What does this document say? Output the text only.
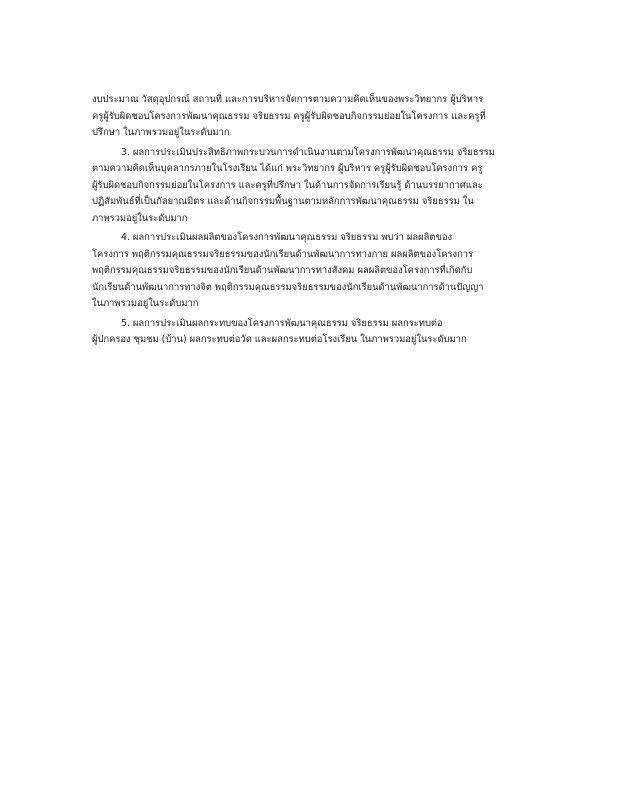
งบประมาณ วัสดุอุปกรณ์ สถานที่ และการบริหารจัดการตามความคิดเห็นของพระวิทยากร ผู้บริหาร
ครูผู้รับผิดชอบโครงการพัฒนาคุณธรรม จริยธรรม ครูผู้รับผิดชอบกิจกรรมย่อยในโครงการ และครูที่
ปรึกษา ในภาพรวมอยู่ในระดับมาก
3. ผลการประเมินประสิทธิภาพกระบวนการดำเนินงานตามโครงการพัฒนาคุณธรรม จริยธรรม
ตามความคิดเห็นบุคลากรภายในโรงเรียน ได้แก่ พระวิทยากร ผู้บริหาร ครูผู้รับผิดชอบโครงการ ครู
ผู้รับผิดชอบกิจกรรมย่อยในโครงการ และครูที่ปรึกษา ในด้านการจัดการเรียนรู้ ด้านบรรยากาศและ
ปฏิสัมพันธ์ที่เป็นกัลยาณมิตร และด้านกิจกรรมพื้นฐานตามหลักการพัฒนาคุณธรรม จริยธรรม ใน
ภาพรวมอยู่ในระดับมาก
4. ผลการประเมินผลผลิตของโครงการพัฒนาคุณธรรม จริยธรรม พบว่า ผลผลิตของ
โครงการ พฤติกรรมคุณธรรมจริยธรรมของนักเรียนด้านพัฒนาการทางกาย ผลผลิตของโครงการ
พฤติกรรมคุณธรรมจริยธรรมของนักเรียนด้านพัฒนาการทางสังคม ผลผลิตของโครงการที่เกิดกับ
นักเรียนด้านพัฒนาการทางจิต พฤติกรรมคุณธรรมจริยธรรมของนักเรียนด้านพัฒนาการด้านปัญญา
ในภาพรวมอยู่ในระดับมาก
5. ผลการประเมินผลกระทบของโครงการพัฒนาคุณธรรม จริยธรรม ผลกระทบต่อ
ผู้ปกครอง ชุมชม (บ้าน) ผลกระทบต่อวัด และผลกระทบต่อโรงเรียน ในภาพรวมอยู่ในระดับมาก
